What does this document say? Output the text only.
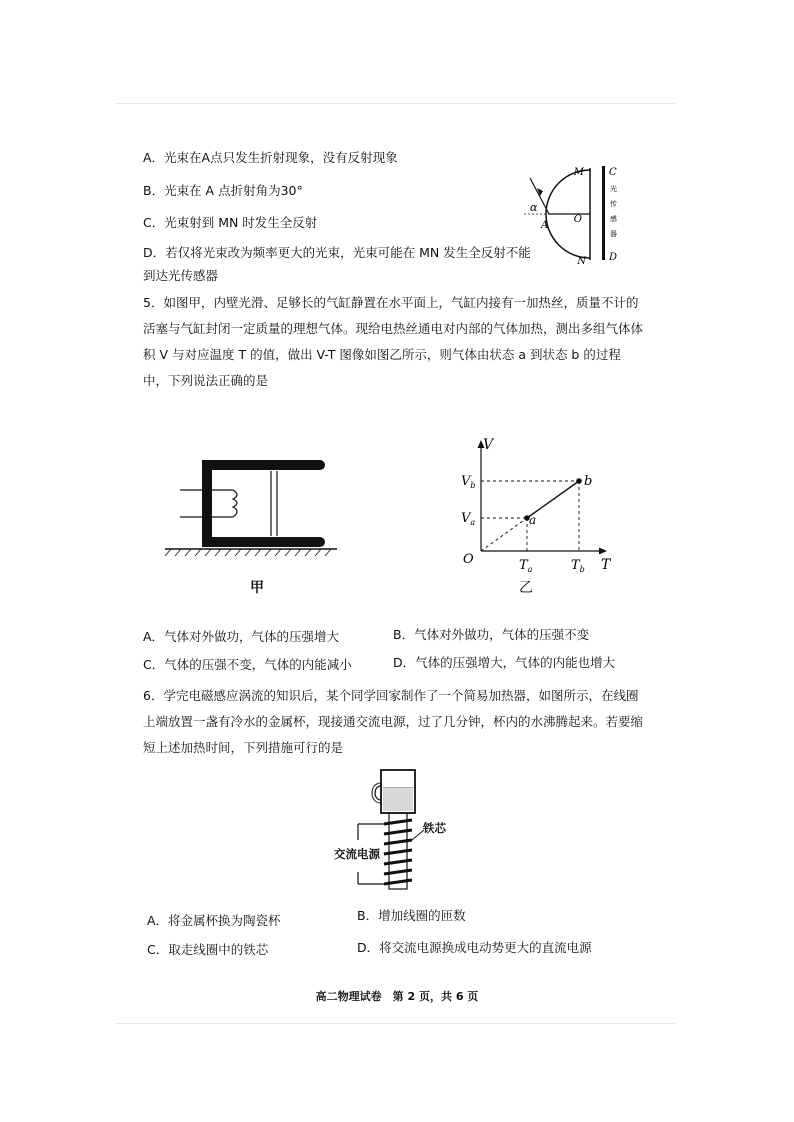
A．光束在A点只发生折射现象，没有反射现象
B．光束在 A 点折射角为30°
C．光束射到 MN 时发生全反射
D．若仅将光束改为频率更大的光束，光束可能在 MN 发生全反射不能
到达光传感器
M
N
C
D
O
A
α
光
传
感
器
5．如图甲，内壁光滑、足够长的气缸静置在水平面上，气缸内接有一加热丝，质量不计的活塞与气缸封闭一定质量的理想气体。现给电热丝通电对内部的气体加热，测出多组气体体积 V 与对应温度 T 的值，做出 V-T 图像如图乙所示，则气体由状态 a 到状态 b 的过程中，下列说法正确的是
甲
V
T
O
$V_b$
$V_a$
$T_a$	$T_b$
a
b
乙
A．气体对外做功，气体的压强增大	B．气体对外做功，气体的压强不变
C．气体的压强不变，气体的内能减小	D．气体的压强增大，气体的内能也增大
6．学完电磁感应涡流的知识后，某个同学回家制作了一个简易加热器，如图所示，在线圈上端放置一盏有冷水的金属杯，现接通交流电源，过了几分钟，杯内的水沸腾起来。若要缩短上述加热时间，下列措施可行的是
交流电源
铁芯
A．将金属杯换为陶瓷杯	B．增加线圈的匝数
C．取走线圈中的铁芯	D．将交流电源换成电动势更大的直流电源
高二物理试卷　第 2 页，共 6 页
